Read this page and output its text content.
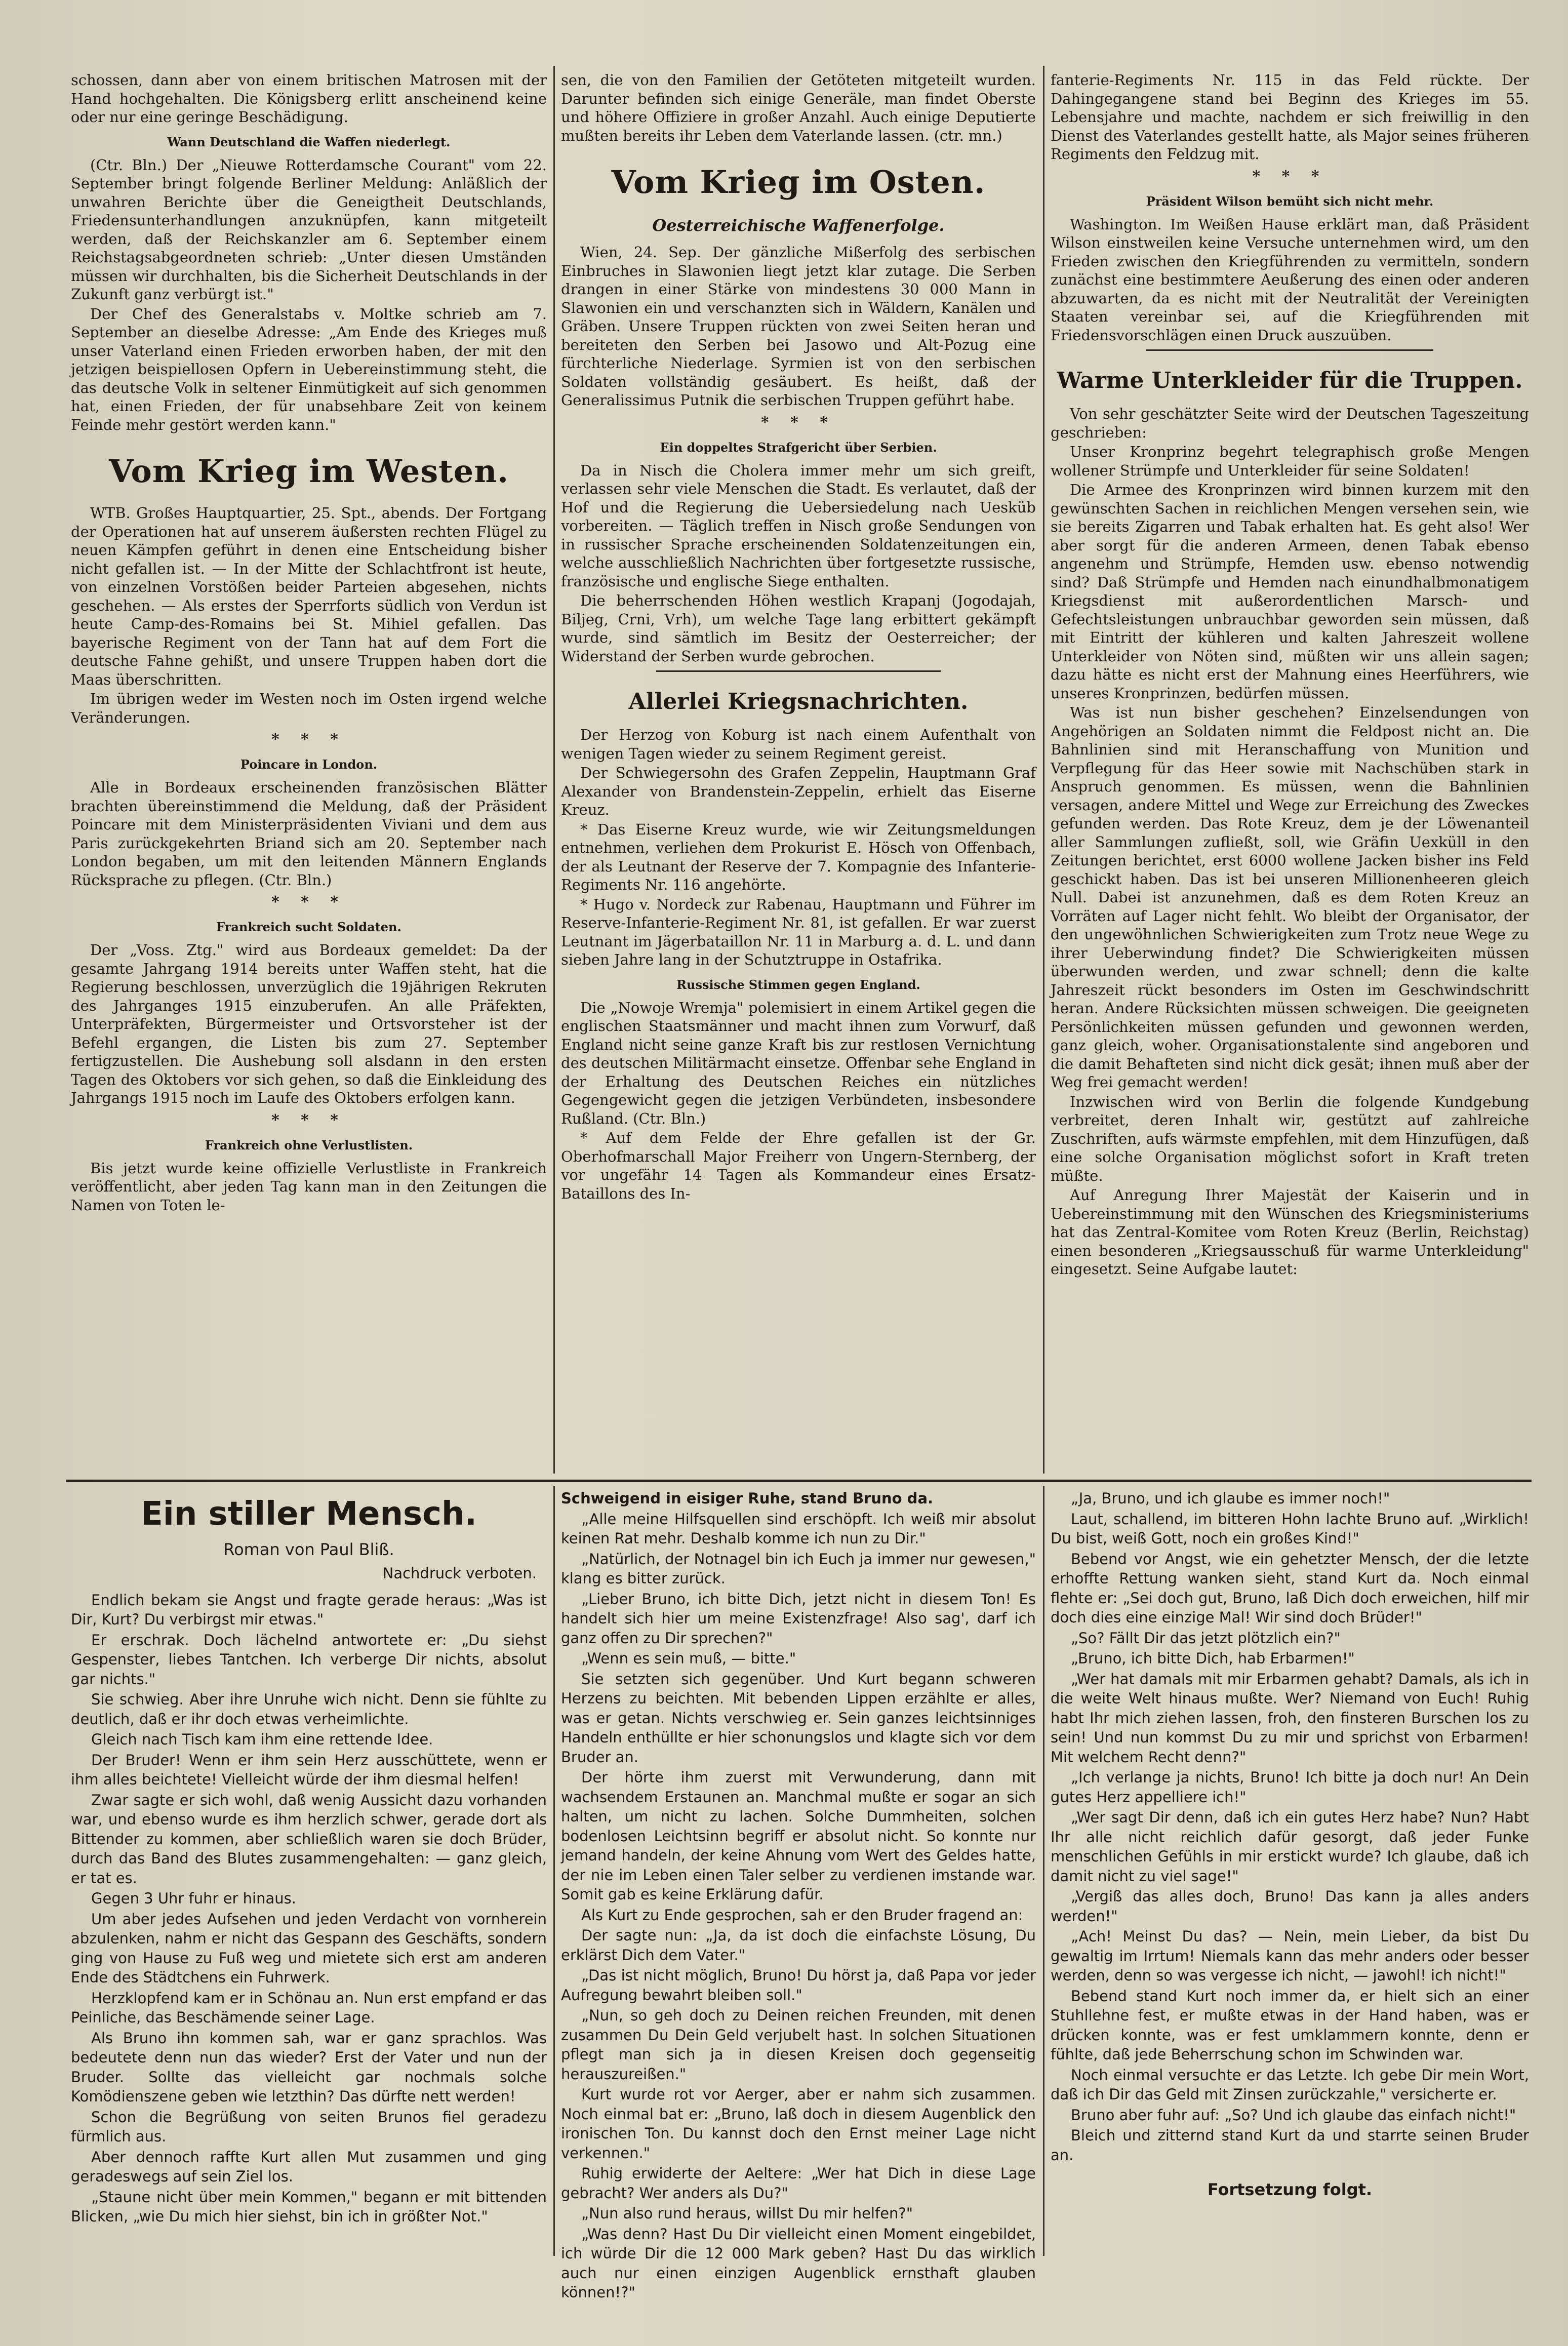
schossen, dann aber von einem britischen Matrosen mit der Hand hochgehalten. Die Königsberg erlitt anscheinend keine oder nur eine geringe Beschädigung.

Wann Deutschland die Waffen niederlegt.

(Ctr. Bln.) Der „Nieuwe Rotterdamsche Courant" vom 22. September bringt folgende Berliner Meldung: Anläßlich der unwahren Berichte über die Geneigtheit Deutschlands, Friedensunterhandlungen anzuknüpfen, kann mitgeteilt werden, daß der Reichskanzler am 6. September einem Reichstagsabgeordneten schrieb: „Unter diesen Umständen müssen wir durchhalten, bis die Sicherheit Deutschlands in der Zukunft ganz verbürgt ist."

Der Chef des Generalstabs v. Moltke schrieb am 7. September an dieselbe Adresse: „Am Ende des Krieges muß unser Vaterland einen Frieden erworben haben, der mit den jetzigen beispiellosen Opfern in Uebereinstimmung steht, die das deutsche Volk in seltener Einmütigkeit auf sich genommen hat, einen Frieden, der für unabsehbare Zeit von keinem Feinde mehr gestört werden kann."

Vom Krieg im Westen.

WTB. Großes Hauptquartier, 25. Spt., abends. Der Fortgang der Operationen hat auf unserem äußersten rechten Flügel zu neuen Kämpfen geführt in denen eine Entscheidung bisher nicht gefallen ist. — In der Mitte der Schlachtfront ist heute, von einzelnen Vorstößen beider Parteien abgesehen, nichts geschehen. — Als erstes der Sperrforts südlich von Verdun ist heute Camp-des-Romains bei St. Mihiel gefallen. Das bayerische Regiment von der Tann hat auf dem Fort die deutsche Fahne gehißt, und unsere Truppen haben dort die Maas überschritten.

Im übrigen weder im Westen noch im Osten irgend welche Veränderungen.

* * *
Poincare in London.

Alle in Bordeaux erscheinenden französischen Blätter brachten übereinstimmend die Meldung, daß der Präsident Poincare mit dem Ministerpräsidenten Viviani und dem aus Paris zurückgekehrten Briand sich am 20. September nach London begaben, um mit den leitenden Männern Englands Rücksprache zu pflegen. (Ctr. Bln.)

* * *
Frankreich sucht Soldaten.

Der „Voss. Ztg." wird aus Bordeaux gemeldet: Da der gesamte Jahrgang 1914 bereits unter Waffen steht, hat die Regierung beschlossen, unverzüglich die 19jährigen Rekruten des Jahrganges 1915 einzuberufen. An alle Präfekten, Unterpräfekten, Bürgermeister und Ortsvorsteher ist der Befehl ergangen, die Listen bis zum 27. September fertigzustellen. Die Aushebung soll alsdann in den ersten Tagen des Oktobers vor sich gehen, so daß die Einkleidung des Jahrgangs 1915 noch im Laufe des Oktobers erfolgen kann.

* * *
Frankreich ohne Verlustlisten.

Bis jetzt wurde keine offizielle Verlustliste in Frankreich veröffentlicht, aber jeden Tag kann man in den Zeitungen die Namen von Toten le-

sen, die von den Familien der Getöteten mitgeteilt wurden. Darunter befinden sich einige Generäle, man findet Oberste und höhere Offiziere in großer Anzahl. Auch einige Deputierte mußten bereits ihr Leben dem Vaterlande lassen. (ctr. mn.)

Vom Krieg im Osten.
Oesterreichische Waffenerfolge.

Wien, 24. Sep. Der gänzliche Mißerfolg des serbischen Einbruches in Slawonien liegt jetzt klar zutage. Die Serben drangen in einer Stärke von mindestens 30 000 Mann in Slawonien ein und verschanzten sich in Wäldern, Kanälen und Gräben. Unsere Truppen rückten von zwei Seiten heran und bereiteten den Serben bei Jasowo und Alt-Pozug eine fürchterliche Niederlage. Syrmien ist von den serbischen Soldaten vollständig gesäubert. Es heißt, daß der Generalissimus Putnik die serbischen Truppen geführt habe.

* * *
Ein doppeltes Strafgericht über Serbien.

Da in Nisch die Cholera immer mehr um sich greift, verlassen sehr viele Menschen die Stadt. Es verlautet, daß der Hof und die Regierung die Uebersiedelung nach Uesküb vorbereiten. — Täglich treffen in Nisch große Sendungen von in russischer Sprache erscheinenden Soldatenzeitungen ein, welche ausschließlich Nachrichten über fortgesetzte russische, französische und englische Siege enthalten.

Die beherrschenden Höhen westlich Krapanj (Jogodajah, Biljeg, Crni, Vrh), um welche Tage lang erbittert gekämpft wurde, sind sämtlich im Besitz der Oesterreicher; der Widerstand der Serben wurde gebrochen.

Allerlei Kriegsnachrichten.

Der Herzog von Koburg ist nach einem Aufenthalt von wenigen Tagen wieder zu seinem Regiment gereist.

Der Schwiegersohn des Grafen Zeppelin, Hauptmann Graf Alexander von Brandenstein-Zeppelin, erhielt das Eiserne Kreuz.

* Das Eiserne Kreuz wurde, wie wir Zeitungsmeldungen entnehmen, verliehen dem Prokurist E. Hösch von Offenbach, der als Leutnant der Reserve der 7. Kompagnie des Infanterie-Regiments Nr. 116 angehörte.

* Hugo v. Nordeck zur Rabenau, Hauptmann und Führer im Reserve-Infanterie-Regiment Nr. 81, ist gefallen. Er war zuerst Leutnant im Jägerbataillon Nr. 11 in Marburg a. d. L. und dann sieben Jahre lang in der Schutztruppe in Ostafrika.

Russische Stimmen gegen England.

Die „Nowoje Wremja" polemisiert in einem Artikel gegen die englischen Staatsmänner und macht ihnen zum Vorwurf, daß England nicht seine ganze Kraft bis zur restlosen Vernichtung des deutschen Militärmacht einsetze. Offenbar sehe England in der Erhaltung des Deutschen Reiches ein nützliches Gegengewicht gegen die jetzigen Verbündeten, insbesondere Rußland. (Ctr. Bln.)

* Auf dem Felde der Ehre gefallen ist der Gr. Oberhofmarschall Major Freiherr von Ungern-Sternberg, der vor ungefähr 14 Tagen als Kommandeur eines Ersatz-Bataillons des In-

fanterie-Regiments Nr. 115 in das Feld rückte. Der Dahingegangene stand bei Beginn des Krieges im 55. Lebensjahre und machte, nachdem er sich freiwillig in den Dienst des Vaterlandes gestellt hatte, als Major seines früheren Regiments den Feldzug mit.

* * *
Präsident Wilson bemüht sich nicht mehr.

Washington. Im Weißen Hause erklärt man, daß Präsident Wilson einstweilen keine Versuche unternehmen wird, um den Frieden zwischen den Kriegführenden zu vermitteln, sondern zunächst eine bestimmtere Aeußerung des einen oder anderen abzuwarten, da es nicht mit der Neutralität der Vereinigten Staaten vereinbar sei, auf die Kriegführenden mit Friedensvorschlägen einen Druck auszuüben.

Warme Unterkleider für die Truppen.

Von sehr geschätzter Seite wird der Deutschen Tageszeitung geschrieben:

Unser Kronprinz begehrt telegraphisch große Mengen wollener Strümpfe und Unterkleider für seine Soldaten!

Die Armee des Kronprinzen wird binnen kurzem mit den gewünschten Sachen in reichlichen Mengen versehen sein, wie sie bereits Zigarren und Tabak erhalten hat. Es geht also! Wer aber sorgt für die anderen Armeen, denen Tabak ebenso angenehm und Strümpfe, Hemden usw. ebenso notwendig sind? Daß Strümpfe und Hemden nach einundhalbmonatigem Kriegsdienst mit außerordentlichen Marsch- und Gefechtsleistungen unbrauchbar geworden sein müssen, daß mit Eintritt der kühleren und kalten Jahreszeit wollene Unterkleider von Nöten sind, müßten wir uns allein sagen; dazu hätte es nicht erst der Mahnung eines Heerführers, wie unseres Kronprinzen, bedürfen müssen.

Was ist nun bisher geschehen? Einzelsendungen von Angehörigen an Soldaten nimmt die Feldpost nicht an. Die Bahnlinien sind mit Heranschaffung von Munition und Verpflegung für das Heer sowie mit Nachschüben stark in Anspruch genommen. Es müssen, wenn die Bahnlinien versagen, andere Mittel und Wege zur Erreichung des Zweckes gefunden werden. Das Rote Kreuz, dem je der Löwenanteil aller Sammlungen zufließt, soll, wie Gräfin Uexküll in den Zeitungen berichtet, erst 6000 wollene Jacken bisher ins Feld geschickt haben. Das ist bei unseren Millionenheeren gleich Null. Dabei ist anzunehmen, daß es dem Roten Kreuz an Vorräten auf Lager nicht fehlt. Wo bleibt der Organisator, der den ungewöhnlichen Schwierigkeiten zum Trotz neue Wege zu ihrer Ueberwindung findet? Die Schwierigkeiten müssen überwunden werden, und zwar schnell; denn die kalte Jahreszeit rückt besonders im Osten im Geschwindschritt heran. Andere Rücksichten müssen schweigen. Die geeigneten Persönlichkeiten müssen gefunden und gewonnen werden, ganz gleich, woher. Organisationstalente sind angeboren und die damit Behafteten sind nicht dick gesät; ihnen muß aber der Weg frei gemacht werden!

Inzwischen wird von Berlin die folgende Kundgebung verbreitet, deren Inhalt wir, gestützt auf zahlreiche Zuschriften, aufs wärmste empfehlen, mit dem Hinzufügen, daß eine solche Organisation möglichst sofort in Kraft treten müßte.

Auf Anregung Ihrer Majestät der Kaiserin und in Uebereinstimmung mit den Wünschen des Kriegsministeriums hat das Zentral-Komitee vom Roten Kreuz (Berlin, Reichstag) einen besonderen „Kriegsausschuß für warme Unterkleidung" eingesetzt. Seine Aufgabe lautet:

Ein stiller Mensch.
Roman von Paul Bliß.
Nachdruck verboten.

Endlich bekam sie Angst und fragte gerade heraus: „Was ist Dir, Kurt? Du verbirgst mir etwas."

Er erschrak. Doch lächelnd antwortete er: „Du siehst Gespenster, liebes Tantchen. Ich verberge Dir nichts, absolut gar nichts."

Sie schwieg. Aber ihre Unruhe wich nicht. Denn sie fühlte zu deutlich, daß er ihr doch etwas verheimlichte.

Gleich nach Tisch kam ihm eine rettende Idee.

Der Bruder! Wenn er ihm sein Herz ausschüttete, wenn er ihm alles beichtete! Vielleicht würde der ihm diesmal helfen!

Zwar sagte er sich wohl, daß wenig Aussicht dazu vorhanden war, und ebenso wurde es ihm herzlich schwer, gerade dort als Bittender zu kommen, aber schließlich waren sie doch Brüder, durch das Band des Blutes zusammengehalten: — ganz gleich, er tat es.

Gegen 3 Uhr fuhr er hinaus.

Um aber jedes Aufsehen und jeden Verdacht von vornherein abzulenken, nahm er nicht das Gespann des Geschäfts, sondern ging von Hause zu Fuß weg und mietete sich erst am anderen Ende des Städtchens ein Fuhrwerk.

Herzklopfend kam er in Schönau an. Nun erst empfand er das Peinliche, das Beschämende seiner Lage.

Als Bruno ihn kommen sah, war er ganz sprachlos. Was bedeutete denn nun das wieder? Erst der Vater und nun der Bruder. Sollte das vielleicht gar nochmals solche Komödienszene geben wie letzthin? Das dürfte nett werden!

Schon die Begrüßung von seiten Brunos fiel geradezu fürmlich aus.

Aber dennoch raffte Kurt allen Mut zusammen und ging geradeswegs auf sein Ziel los.

„Staune nicht über mein Kommen," begann er mit bittenden Blicken, „wie Du mich hier siehst, bin ich in größter Not."

Schweigend in eisiger Ruhe, stand Bruno da.

„Alle meine Hilfsquellen sind erschöpft. Ich weiß mir absolut keinen Rat mehr. Deshalb komme ich nun zu Dir."

„Natürlich, der Notnagel bin ich Euch ja immer nur gewesen," klang es bitter zurück.

„Lieber Bruno, ich bitte Dich, jetzt nicht in diesem Ton! Es handelt sich hier um meine Existenzfrage! Also sag', darf ich ganz offen zu Dir sprechen?"

„Wenn es sein muß, — bitte."

Sie setzten sich gegenüber. Und Kurt begann schweren Herzens zu beichten. Mit bebenden Lippen erzählte er alles, was er getan. Nichts verschwieg er. Sein ganzes leichtsinniges Handeln enthüllte er hier schonungslos und klagte sich vor dem Bruder an.

Der hörte ihm zuerst mit Verwunderung, dann mit wachsendem Erstaunen an. Manchmal mußte er sogar an sich halten, um nicht zu lachen. Solche Dummheiten, solchen bodenlosen Leichtsinn begriff er absolut nicht. So konnte nur jemand handeln, der keine Ahnung vom Wert des Geldes hatte, der nie im Leben einen Taler selber zu verdienen imstande war. Somit gab es keine Erklärung dafür.

Als Kurt zu Ende gesprochen, sah er den Bruder fragend an:

Der sagte nun: „Ja, da ist doch die einfachste Lösung, Du erklärst Dich dem Vater."

„Das ist nicht möglich, Bruno! Du hörst ja, daß Papa vor jeder Aufregung bewahrt bleiben soll."

„Nun, so geh doch zu Deinen reichen Freunden, mit denen zusammen Du Dein Geld verjubelt hast. In solchen Situationen pflegt man sich ja in diesen Kreisen doch gegenseitig herauszureißen."

Kurt wurde rot vor Aerger, aber er nahm sich zusammen. Noch einmal bat er: „Bruno, laß doch in diesem Augenblick den ironischen Ton. Du kannst doch den Ernst meiner Lage nicht verkennen."

Ruhig erwiderte der Aeltere: „Wer hat Dich in diese Lage gebracht? Wer anders als Du?"

„Nun also rund heraus, willst Du mir helfen?"

„Was denn? Hast Du Dir vielleicht einen Moment eingebildet, ich würde Dir die 12 000 Mark geben? Hast Du das wirklich auch nur einen einzigen Augenblick ernsthaft glauben können!?"

„Ja, Bruno, und ich glaube es immer noch!"

Laut, schallend, im bitteren Hohn lachte Bruno auf. „Wirklich! Du bist, weiß Gott, noch ein großes Kind!"

Bebend vor Angst, wie ein gehetzter Mensch, der die letzte erhoffte Rettung wanken sieht, stand Kurt da. Noch einmal flehte er: „Sei doch gut, Bruno, laß Dich doch erweichen, hilf mir doch dies eine einzige Mal! Wir sind doch Brüder!"

„So? Fällt Dir das jetzt plötzlich ein?"

„Bruno, ich bitte Dich, hab Erbarmen!"

„Wer hat damals mit mir Erbarmen gehabt? Damals, als ich in die weite Welt hinaus mußte. Wer? Niemand von Euch! Ruhig habt Ihr mich ziehen lassen, froh, den finsteren Burschen los zu sein! Und nun kommst Du zu mir und sprichst von Erbarmen! Mit welchem Recht denn?"

„Ich verlange ja nichts, Bruno! Ich bitte ja doch nur! An Dein gutes Herz appelliere ich!"

„Wer sagt Dir denn, daß ich ein gutes Herz habe? Nun? Habt Ihr alle nicht reichlich dafür gesorgt, daß jeder Funke menschlichen Gefühls in mir erstickt wurde? Ich glaube, daß ich damit nicht zu viel sage!"

„Vergiß das alles doch, Bruno! Das kann ja alles anders werden!"

„Ach! Meinst Du das? — Nein, mein Lieber, da bist Du gewaltig im Irrtum! Niemals kann das mehr anders oder besser werden, denn so was vergesse ich nicht, — jawohl! ich nicht!"

Bebend stand Kurt noch immer da, er hielt sich an einer Stuhllehne fest, er mußte etwas in der Hand haben, was er drücken konnte, was er fest umklammern konnte, denn er fühlte, daß jede Beherrschung schon im Schwinden war.

Noch einmal versuchte er das Letzte. Ich gebe Dir mein Wort, daß ich Dir das Geld mit Zinsen zurückzahle," versicherte er.

Bruno aber fuhr auf: „So? Und ich glaube das einfach nicht!"

Bleich und zitternd stand Kurt da und starrte seinen Bruder an.

Fortsetzung folgt.
